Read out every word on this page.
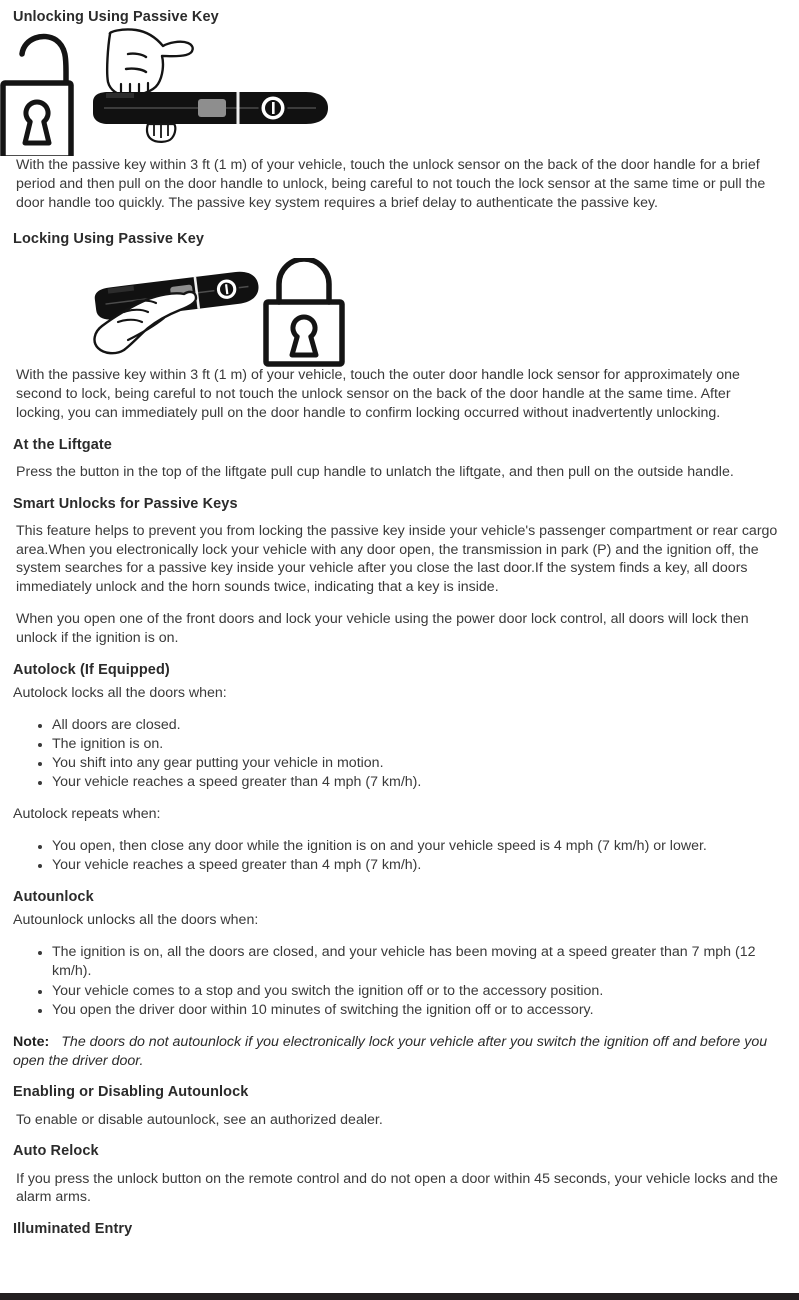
Unlocking Using Passive Key

With the passive key within 3 ft (1 m) of your vehicle, touch the unlock sensor on the back of the door handle for a brief period and then pull on the door handle to unlock, being careful to not touch the lock sensor at the same time or pull the door handle too quickly. The passive key system requires a brief delay to authenticate the passive key.

Locking Using Passive Key

With the passive key within 3 ft (1 m) of your vehicle, touch the outer door handle lock sensor for approximately one second to lock, being careful to not touch the unlock sensor on the back of the door handle at the same time. After locking, you can immediately pull on the door handle to confirm locking occurred without inadvertently unlocking.

At the Liftgate

Press the button in the top of the liftgate pull cup handle to unlatch the liftgate, and then pull on the outside handle.

Smart Unlocks for Passive Keys

This feature helps to prevent you from locking the passive key inside your vehicle's passenger compartment or rear cargo area.When you electronically lock your vehicle with any door open, the transmission in park (P) and the ignition off, the system searches for a passive key inside your vehicle after you close the last door.If the system finds a key, all doors immediately unlock and the horn sounds twice, indicating that a key is inside.

When you open one of the front doors and lock your vehicle using the power door lock control, all doors will lock then unlock if the ignition is on.

Autolock (If Equipped)

Autolock locks all the doors when:

All doors are closed.
The ignition is on.
You shift into any gear putting your vehicle in motion.
Your vehicle reaches a speed greater than 4 mph (7 km/h).

Autolock repeats when:

You open, then close any door while the ignition is on and your vehicle speed is 4 mph (7 km/h) or lower.
Your vehicle reaches a speed greater than 4 mph (7 km/h).
Autounlock

Autounlock unlocks all the doors when:

The ignition is on, all the doors are closed, and your vehicle has been moving at a speed greater than 7 mph (12 km/h).
Your vehicle comes to a stop and you switch the ignition off or to the accessory position.
You open the driver door within 10 minutes of switching the ignition off or to accessory.
Note: The doors do not autounlock if you electronically lock your vehicle after you switch the ignition off and before you open the driver door.
Enabling or Disabling Autounlock

To enable or disable autounlock, see an authorized dealer.

Auto Relock

If you press the unlock button on the remote control and do not open a door within 45 seconds, your vehicle locks and the alarm arms.

Illuminated Entry
